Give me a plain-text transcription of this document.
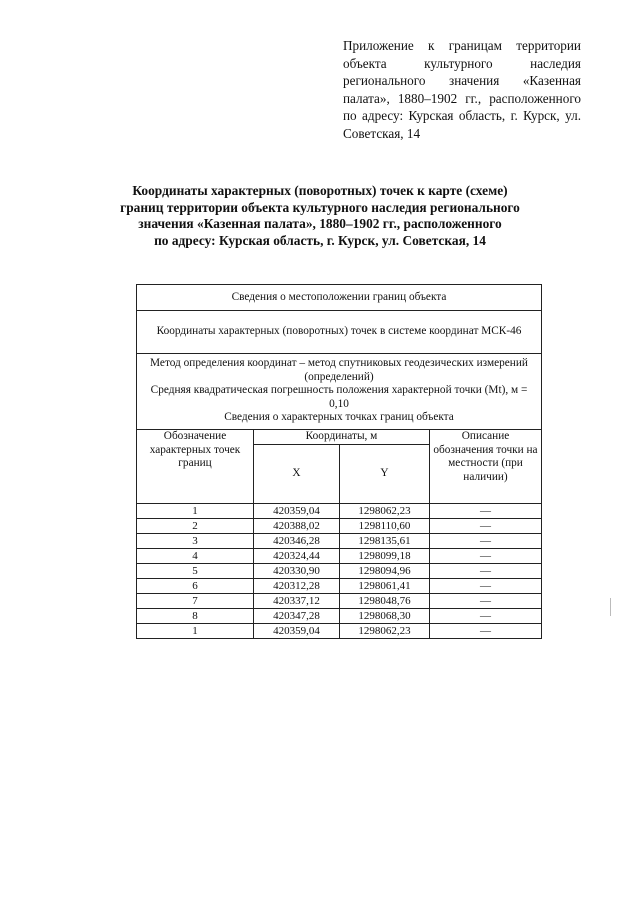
Приложение к границам территории объекта культурного наследия регионального значения «Казенная палата», 1880–1902 гг., расположенного по адресу: Курская область, г. Курск, ул. Советская, 14
Координаты характерных (поворотных) точек к карте (схеме)
границ территории объекта культурного наследия регионального
значения «Казенная палата», 1880–1902 гг., расположенного
по адресу: Курская область, г. Курск, ул. Советская, 14
Сведения о местоположении границ объекта			
Координаты характерных (поворотных) точек в системе координат МСК-46			

Метод определения координат – метод спутниковых геодезических измерений (определений)
Средняя квадратическая погрешность положения характерной точки (Mt), м = 0,10
Сведения о характерных точках границ объекта			

Обозначение характерных точек границ	Координаты, м		Описание обозначения точки на местности (при наличии)
	X	Y	
1	420359,04	1298062,23	—
2	420388,02	1298110,60	—
3	420346,28	1298135,61	—
4	420324,44	1298099,18	—
5	420330,90	1298094,96	—
6	420312,28	1298061,41	—
7	420337,12	1298048,76	—
8	420347,28	1298068,30	—
1	420359,04	1298062,23	—
